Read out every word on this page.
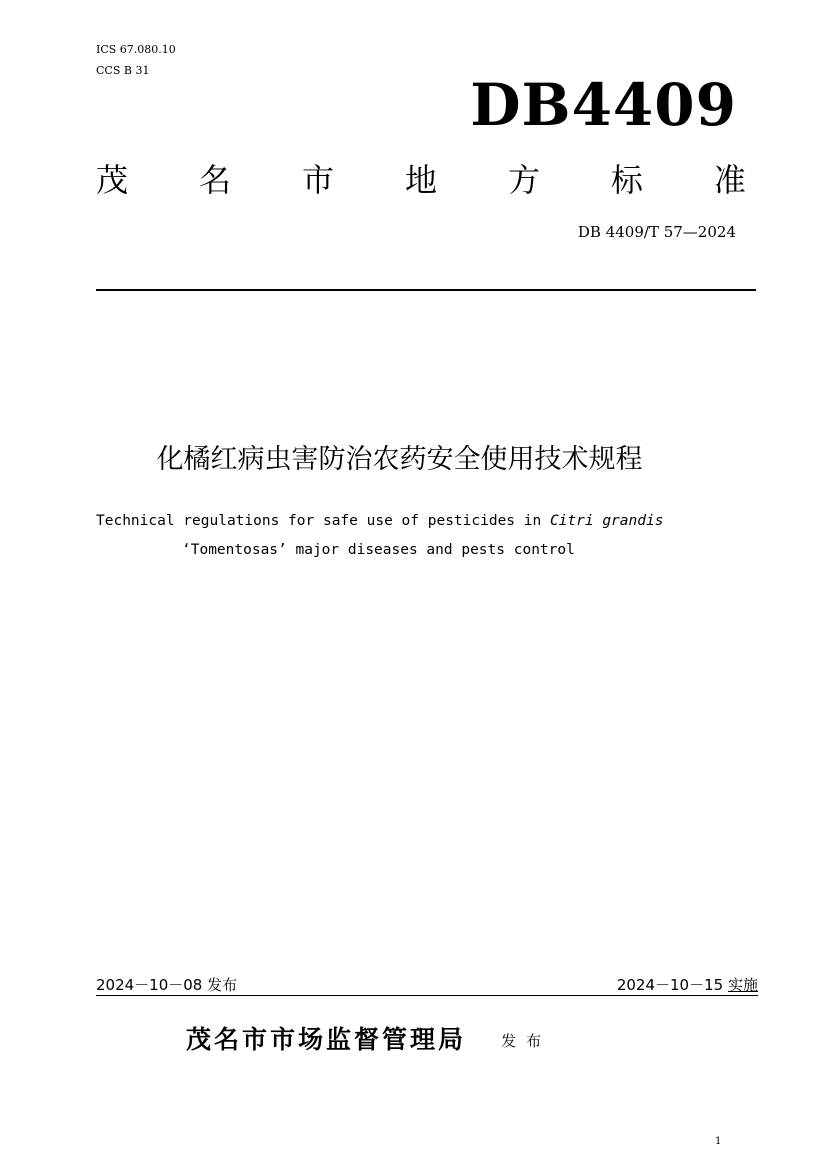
ICS 67.080.10
CCS B 31
DB4409
茂 名 市 地 方 标 准
DB 4409/T 57—2024
化橘红病虫害防治农药安全使用技术规程
Technical regulations for safe use of pesticides in Citri grandis
‘Tomentosas’ major diseases and pests control
2024－10－08 发布	2024－10－15 实施
茂名市市场监督管理局 发布
1
